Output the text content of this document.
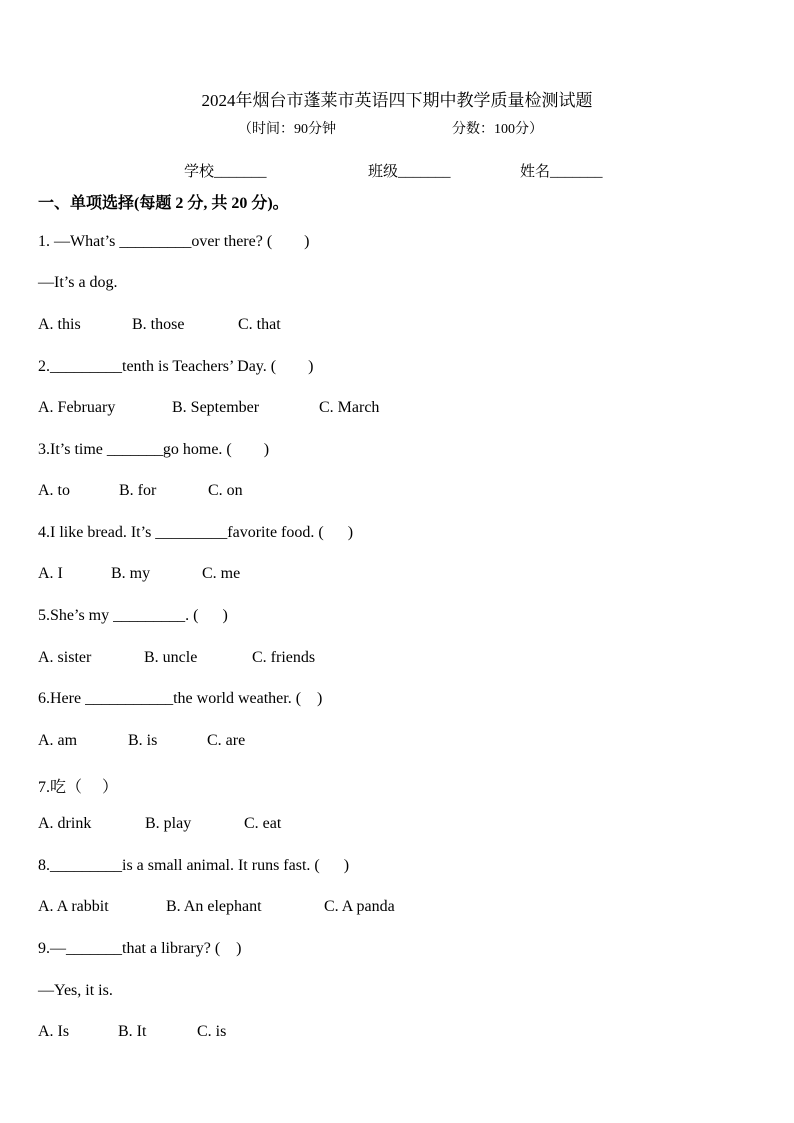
2024年烟台市蓬莱市英语四下期中教学质量检测试题
（时间：90分钟	分数：100分）
学校_______	班级_______	姓名_______
一、单项选择(每题 2 分, 共 20 分)。
1. —What’s _________over there? (        )
—It’s a dog.
A. this	B. those	C. that
2._________tenth is Teachers’ Day. (        )
A. February	B. September	C. March
3.It’s time _______go home. (        )
A. to	B. for	C. on
4.I like bread. It’s _________favorite food. (      )
A. I	B. my	C. me
5.She’s my _________. (      )
A. sister	B. uncle	C. friends
6.Here ___________the world weather. (    )
A. am	B. is	C. are
7.吃（     ）
A. drink	B. play	C. eat
8._________is a small animal. It runs fast. (      )
A. A rabbit	B. An elephant	C. A panda
9.—_______that a library? (    )
—Yes, it is.
A. Is	B. It	C. is
